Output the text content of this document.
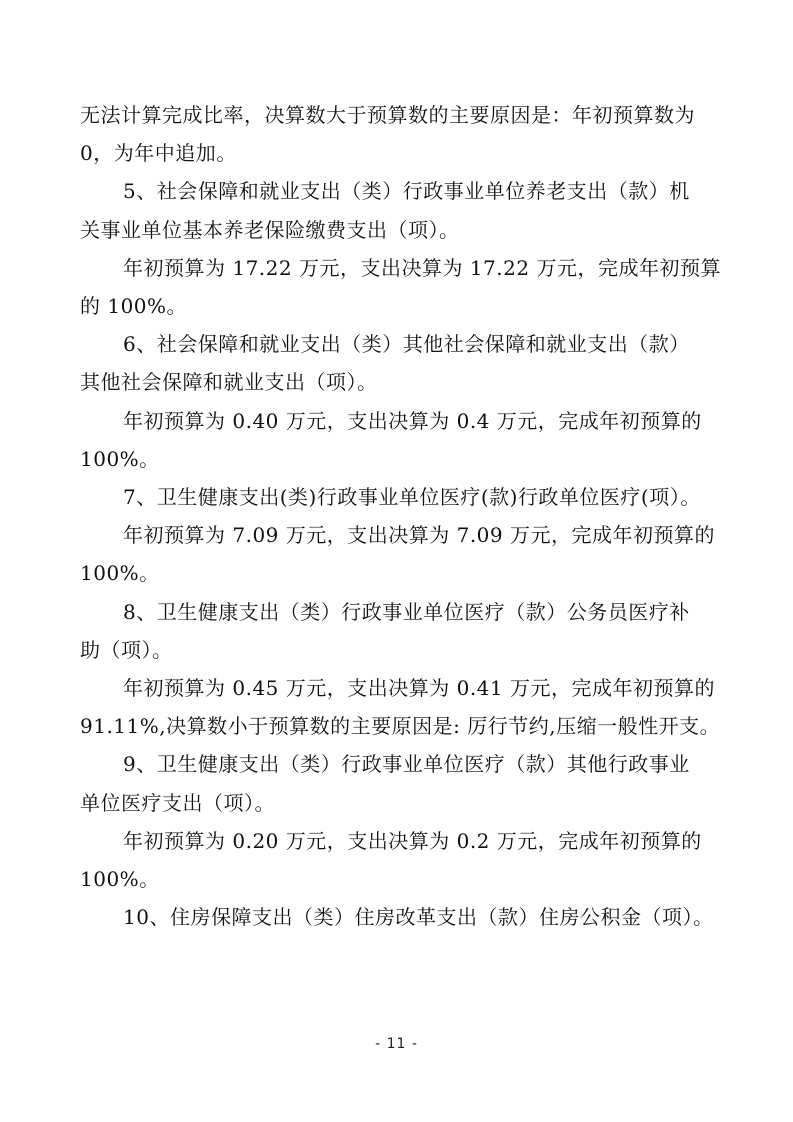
无法计算完成比率，决算数大于预算数的主要原因是：年初预算数为

0，为年中追加。

5、社会保障和就业支出（类）行政事业单位养老支出（款）机

关事业单位基本养老保险缴费支出（项）。

年初预算为 17.22 万元，支出决算为 17.22 万元，完成年初预算

的 100%。

6、社会保障和就业支出（类）其他社会保障和就业支出（款）

其他社会保障和就业支出（项）。

年初预算为 0.40 万元，支出决算为 0.4 万元，完成年初预算的

100%。

7、卫生健康支出(类)行政事业单位医疗(款)行政单位医疗(项）。

年初预算为 7.09 万元，支出决算为 7.09 万元，完成年初预算的

100%。

8、卫生健康支出（类）行政事业单位医疗（款）公务员医疗补

助（项）。

年初预算为 0.45 万元，支出决算为 0.41 万元，完成年初预算的

91.11%,决算数小于预算数的主要原因是: 厉行节约,压缩一般性开支。

9、卫生健康支出（类）行政事业单位医疗（款）其他行政事业

单位医疗支出（项）。

年初预算为 0.20 万元，支出决算为 0.2 万元，完成年初预算的

100%。

10、住房保障支出（类）住房改革支出（款）住房公积金（项）。

- 11 -
